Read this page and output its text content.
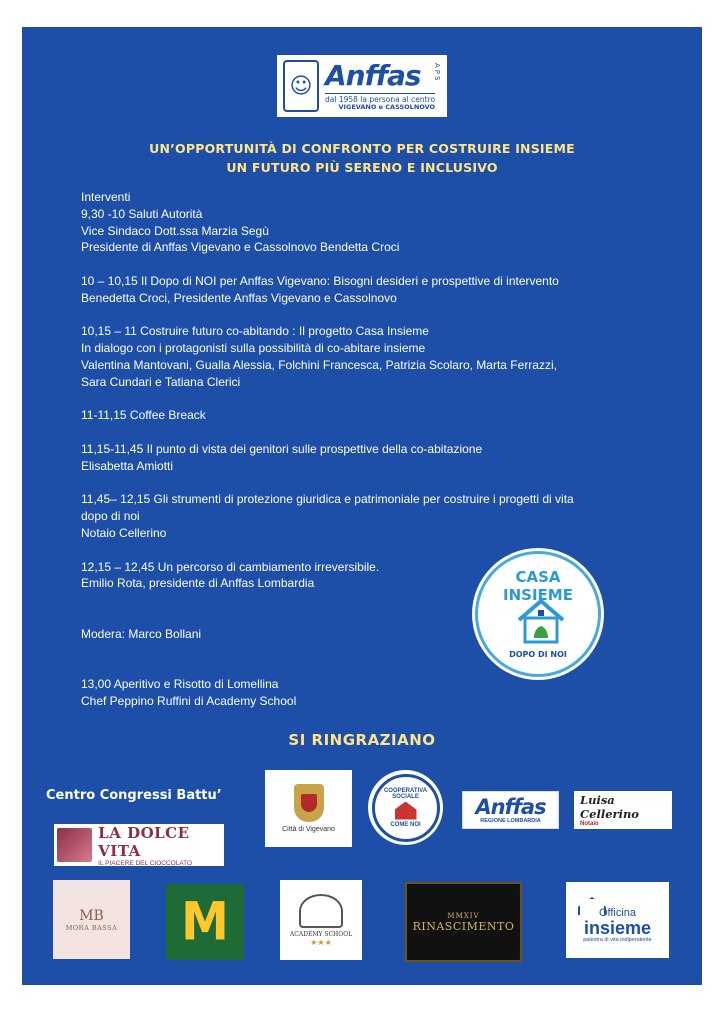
☺ Anffas
dal 1958 la persona al centro
VIGEVANO e CASSOLNOVO
APS
UN’OPPORTUNITÀ DI CONFRONTO PER COSTRUIRE INSIEME
UN FUTURO PIÙ SERENO E INCLUSIVO
Interventi
9,30 -10 Saluti Autorità
Vice Sindaco Dott.ssa Marzia Segù
Presidente di Anffas Vigevano e Cassolnovo Bendetta Croci
10 – 10,15 Il Dopo di NOI per Anffas Vigevano: Bisogni desideri e prospettive di intervento
Benedetta Croci, Presidente Anffas Vigevano e Cassolnovo
10,15 – 11 Costruire futuro co-abitando : Il progetto Casa Insieme
In dialogo con i protagonisti sulla possibilità di co-abitare insieme
Valentina Mantovani, Gualla Alessia, Folchini Francesca, Patrizia Scolaro, Marta Ferrazzi,
Sara Cundari e Tatiana Clerici
11-11,15 Coffee Breack
11,15-11,45 Il punto di vista dei genitori sulle prospettive della co-abitazione
Elisabetta Amiotti
11,45– 12,15 Gli strumenti di protezione giuridica e patrimoniale per costruire i progetti di vita
dopo di noi
Notaio Cellerino
12,15 – 12,45 Un percorso di cambiamento irreversibile.
Emilio Rota, presidente di Anffas Lombardia
Modera: Marco Bollani
13,00 Aperitivo e Risotto di Lomellina
Chef Peppino Ruffini di Academy School
CASA INSIEME
DOPO DI NOI
SI RINGRAZIANO
Centro Congressi Battu’
Città di Vigevano
COOPERATIVA SOCIALE
COME NOI
Anffas
REGIONE LOMBARDIA
Luisa Cellerino
Notaio
LA DOLCE VITA
IL PIACERE DEL CIOCCOLATO
MB
MORA BASSA M	ACADEMY SCHOOL
★★★
MMXIV
RINASCIMENTO
Officina
insieme
palestra di vita indipendente
